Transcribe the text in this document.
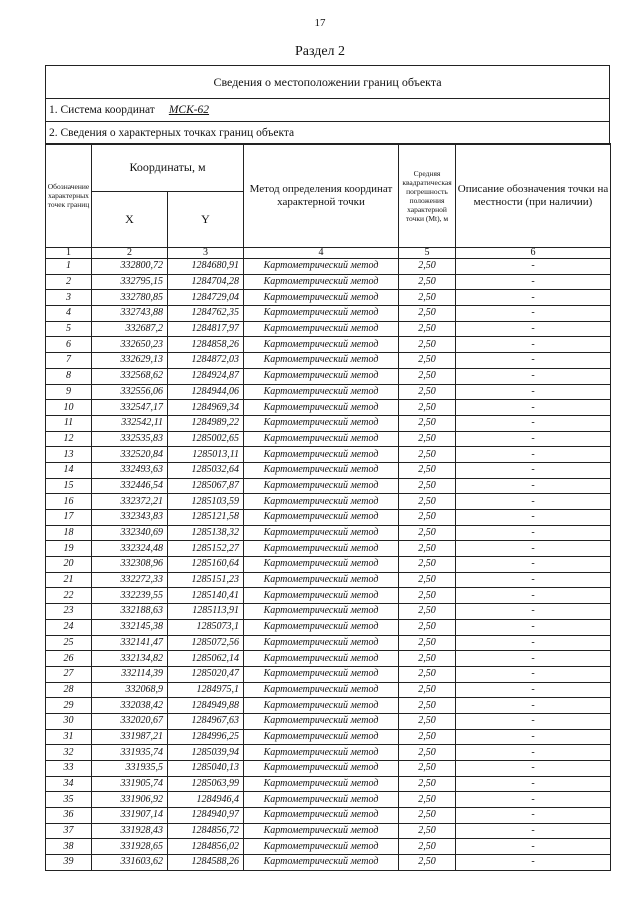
17
Раздел 2
Сведения о местоположении границ объекта
1. Система координат МСК-62
2. Сведения о характерных точках границ объекта
Обозначение характерных точек границ	Координаты, м		Метод определения координат характерной точки	Средняя квадратическая погрешность положения характерной точки (Mt), м	Описание обозначения точки на местности (при наличии)
	X	Y			
1	2	3	4	5	6
1	332800,72	1284680,91	Картометрический метод	2,50	-
2	332795,15	1284704,28	Картометрический метод	2,50	-
3	332780,85	1284729,04	Картометрический метод	2,50	-
4	332743,88	1284762,35	Картометрический метод	2,50	-
5	332687,2	1284817,97	Картометрический метод	2,50	-
6	332650,23	1284858,26	Картометрический метод	2,50	-
7	332629,13	1284872,03	Картометрический метод	2,50	-
8	332568,62	1284924,87	Картометрический метод	2,50	-
9	332556,06	1284944,06	Картометрический метод	2,50	-
10	332547,17	1284969,34	Картометрический метод	2,50	-
11	332542,11	1284989,22	Картометрический метод	2,50	-
12	332535,83	1285002,65	Картометрический метод	2,50	-
13	332520,84	1285013,11	Картометрический метод	2,50	-
14	332493,63	1285032,64	Картометрический метод	2,50	-
15	332446,54	1285067,87	Картометрический метод	2,50	-
16	332372,21	1285103,59	Картометрический метод	2,50	-
17	332343,83	1285121,58	Картометрический метод	2,50	-
18	332340,69	1285138,32	Картометрический метод	2,50	-
19	332324,48	1285152,27	Картометрический метод	2,50	-
20	332308,96	1285160,64	Картометрический метод	2,50	-
21	332272,33	1285151,23	Картометрический метод	2,50	-
22	332239,55	1285140,41	Картометрический метод	2,50	-
23	332188,63	1285113,91	Картометрический метод	2,50	-
24	332145,38	1285073,1	Картометрический метод	2,50	-
25	332141,47	1285072,56	Картометрический метод	2,50	-
26	332134,82	1285062,14	Картометрический метод	2,50	-
27	332114,39	1285020,47	Картометрический метод	2,50	-
28	332068,9	1284975,1	Картометрический метод	2,50	-
29	332038,42	1284949,88	Картометрический метод	2,50	-
30	332020,67	1284967,63	Картометрический метод	2,50	-
31	331987,21	1284996,25	Картометрический метод	2,50	-
32	331935,74	1285039,94	Картометрический метод	2,50	-
33	331935,5	1285040,13	Картометрический метод	2,50	-
34	331905,74	1285063,99	Картометрический метод	2,50	-
35	331906,92	1284946,4	Картометрический метод	2,50	-
36	331907,14	1284940,97	Картометрический метод	2,50	-
37	331928,43	1284856,72	Картометрический метод	2,50	-
38	331928,65	1284856,02	Картометрический метод	2,50	-
39	331603,62	1284588,26	Картометрический метод	2,50	-
